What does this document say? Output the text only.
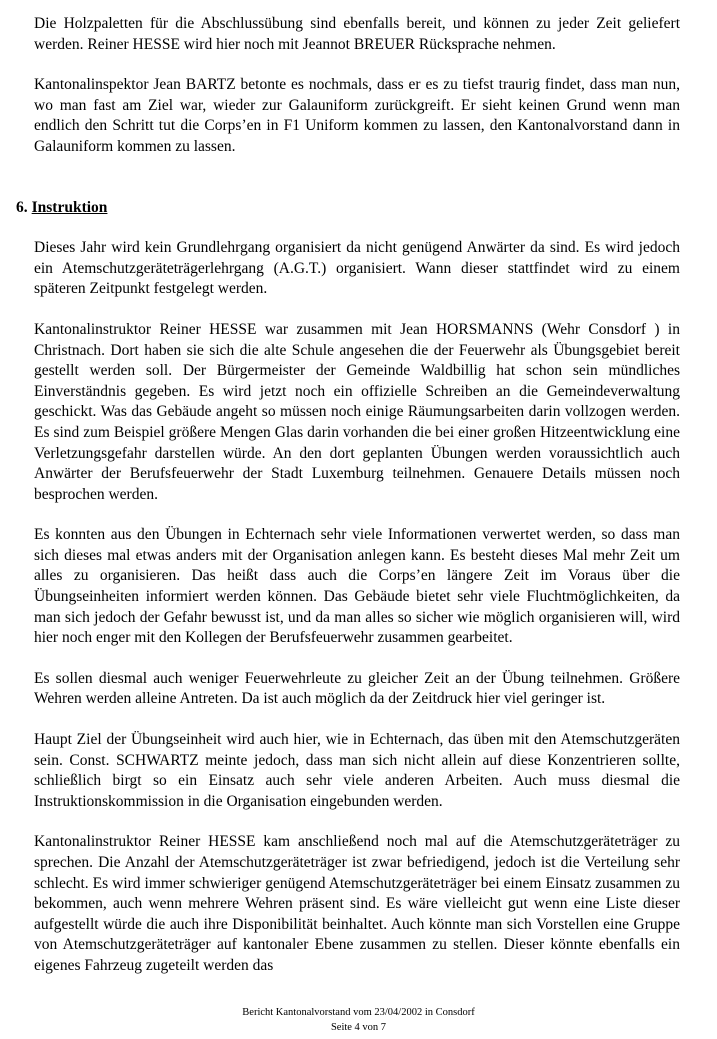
Die Holzpaletten für die Abschlussübung sind ebenfalls bereit, und können zu jeder Zeit geliefert werden. Reiner HESSE wird hier noch mit Jeannot BREUER Rücksprache nehmen.

Kantonalinspektor Jean BARTZ betonte es nochmals, dass er es zu tiefst traurig findet, dass man nun, wo man fast am Ziel war, wieder zur Galauniform zurückgreift. Er sieht keinen Grund wenn man endlich den Schritt tut die Corps’en in F1 Uniform kommen zu lassen, den Kantonalvorstand dann in Galauniform kommen zu lassen.

6. Instruktion

Dieses Jahr wird kein Grundlehrgang organisiert da nicht genügend Anwärter da sind. Es wird jedoch ein Atemschutzgeräteträgerlehrgang (A.G.T.) organisiert. Wann dieser stattfindet wird zu einem späteren Zeitpunkt festgelegt werden.

Kantonalinstruktor Reiner HESSE war zusammen mit Jean HORSMANNS (Wehr Consdorf ) in Christnach. Dort haben sie sich die alte Schule angesehen die der Feuerwehr als Übungsgebiet bereit gestellt werden soll. Der Bürgermeister der Gemeinde Waldbillig hat schon sein mündliches Einverständnis gegeben. Es wird jetzt noch ein offizielle Schreiben an die Gemeindeverwaltung geschickt. Was das Gebäude angeht so müssen noch einige Räumungsarbeiten darin vollzogen werden. Es sind zum Beispiel größere Mengen Glas darin vorhanden die bei einer großen Hitzeentwicklung eine Verletzungsgefahr darstellen würde. An den dort geplanten Übungen werden voraussichtlich auch Anwärter der Berufsfeuerwehr der Stadt Luxemburg teilnehmen. Genauere Details müssen noch besprochen werden.

Es konnten aus den Übungen in Echternach sehr viele Informationen verwertet werden, so dass man sich dieses mal etwas anders mit der Organisation anlegen kann. Es besteht dieses Mal mehr Zeit um alles zu organisieren. Das heißt dass auch die Corps’en längere Zeit im Voraus über die Übungseinheiten informiert werden können. Das Gebäude bietet sehr viele Fluchtmöglichkeiten, da man sich jedoch der Gefahr bewusst ist, und da man alles so sicher wie möglich organisieren will, wird hier noch enger mit den Kollegen der Berufsfeuerwehr zusammen gearbeitet.

Es sollen diesmal auch weniger Feuerwehrleute zu gleicher Zeit an der Übung teilnehmen. Größere Wehren werden alleine Antreten. Da ist auch möglich da der Zeitdruck hier viel geringer ist.

Haupt Ziel der Übungseinheit wird auch hier, wie in Echternach, das üben mit den Atemschutzgeräten sein. Const. SCHWARTZ meinte jedoch, dass man sich nicht allein auf diese Konzentrieren sollte, schließlich birgt so ein Einsatz auch sehr viele anderen Arbeiten. Auch muss diesmal die Instruktionskommission in die Organisation eingebunden werden.

Kantonalinstruktor Reiner HESSE kam anschließend noch mal auf die Atemschutzgeräteträger zu sprechen. Die Anzahl der Atemschutzgeräteträger ist zwar befriedigend, jedoch ist die Verteilung sehr schlecht. Es wird immer schwieriger genügend Atemschutzgeräteträger bei einem Einsatz zusammen zu bekommen, auch wenn mehrere Wehren präsent sind. Es wäre vielleicht gut wenn eine Liste dieser aufgestellt würde die auch ihre Disponibilität beinhaltet. Auch könnte man sich Vorstellen eine Gruppe von Atemschutzgeräteträger auf kantonaler Ebene zusammen zu stellen. Dieser könnte ebenfalls ein eigenes Fahrzeug zugeteilt werden das

Bericht Kantonalvorstand vom 23/04/2002 in Consdorf
Seite 4 von 7
